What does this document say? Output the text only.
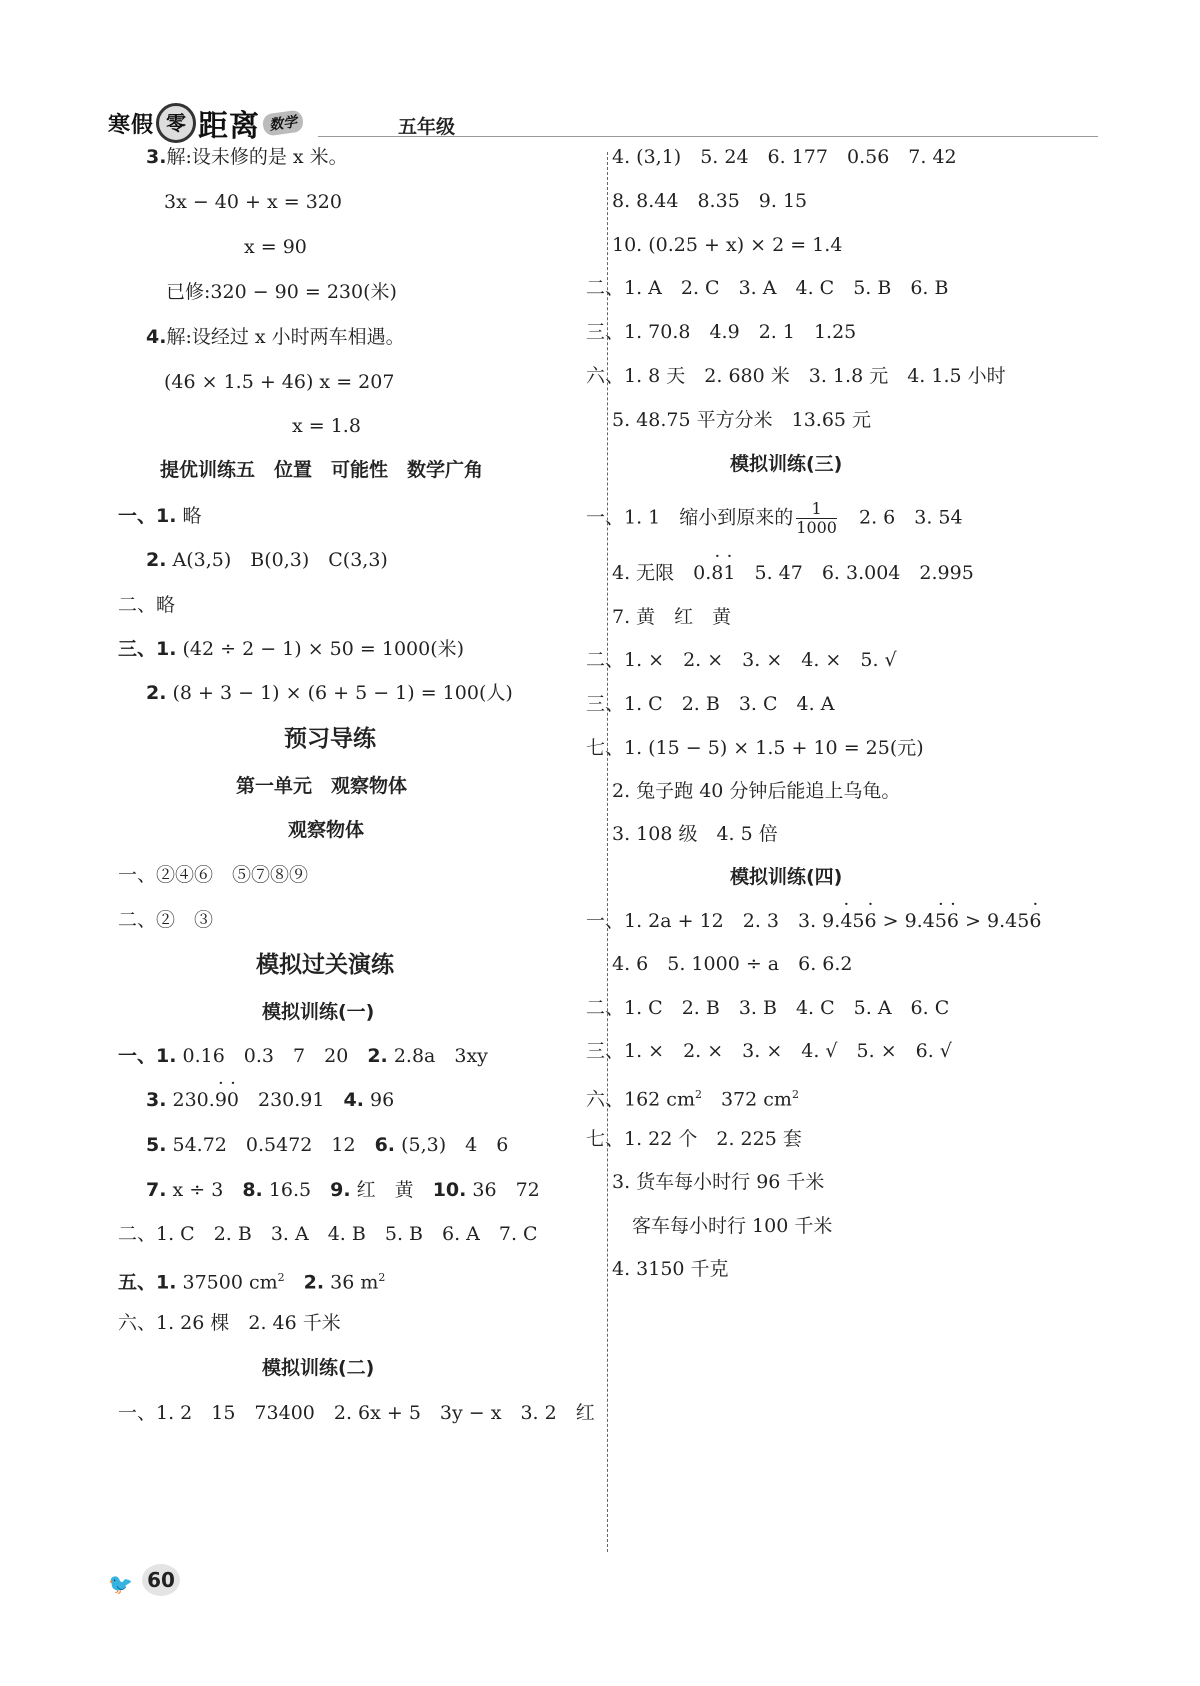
寒假 零 距离 数学	五年级
3.解:设未修的是 x 米。
3x − 40 + x = 320
x = 90
已修:320 − 90 = 230(米)
4.解:设经过 x 小时两车相遇。
(46 × 1.5 + 46) x = 207
x = 1.8
提优训练五　位置　可能性　数学广角
一、1. 略
2. A(3,5)　B(0,3)　C(3,3)
二、略
三、1. (42 ÷ 2 − 1) × 50 = 1000(米)
2. (8 + 3 − 1) × (6 + 5 − 1) = 100(人)
预习导练
第一单元　观察物体
观察物体
一、②④⑥　⑤⑦⑧⑨
二、②　③
模拟过关演练
模拟训练(一)
一、1. 0.16　0.3　7　20　 2. 2.8a　3xy
3. 230.· 9· 0　230.91　 4. 96
5. 54.72　0.5472　12　 6. (5,3)　4　6
7. x ÷ 3　 8. 16.5　 9. 红　黄　 10. 36　72
二、1. C　2. B　3. A　4. B　5. B　6. A　7. C
五、1. 37500 $cm^2$　 2. 36 $m^2$
六、1. 26 棵　2. 46 千米
模拟训练(二)
一、1. 2　15　73400　2. 6x + 5　3y − x　3. 2　红
4. (3,1)　5. 24　6. 177　0.56　7. 42
8. 8.44　8.35　9. 15
10. (0.25 + x) × 2 = 1.4
二、1. A　2. C　3. A　4. C　5. B　6. B
三、1. 70.8　4.9　2. 1　1.25
六、1. 8 天　2. 680 米　3. 1.8 元　4. 1.5 小时
5. 48.75 平方分米　13.65 元
模拟训练(三)
一、1. 1　缩小到原来的 $\frac{1}{1000}$ 　2. 6　3. 54
4. 无限　0.· 8· 1　5. 47　6. 3.004　2.995
7. 黄　红　黄
二、1. ×　2. ×　3. ×　4. ×　5. √
三、1. C　2. B　3. C　4. A
七、1. (15 − 5) × 1.5 + 10 = 25(元)
2. 兔子跑 40 分钟后能追上乌龟。
3. 108 级　4. 5 倍
模拟训练(四)
一、1. 2a + 12　2. 3　3. 9.· 45· 6 > 9.4· 5· 6 > 9.45· 6
4. 6　5. 1000 ÷ a　6. 6.2
二、1. C　2. B　3. B　4. C　5. A　6. C
三、1. ×　2. ×　3. ×　4. √　5. ×　6. √
六、162 $cm^2$　372 $cm^2$
七、1. 22 个　2. 225 套
3. 货车每小时行 96 千米
客车每小时行 100 千米
4. 3150 千克
🐦 60
